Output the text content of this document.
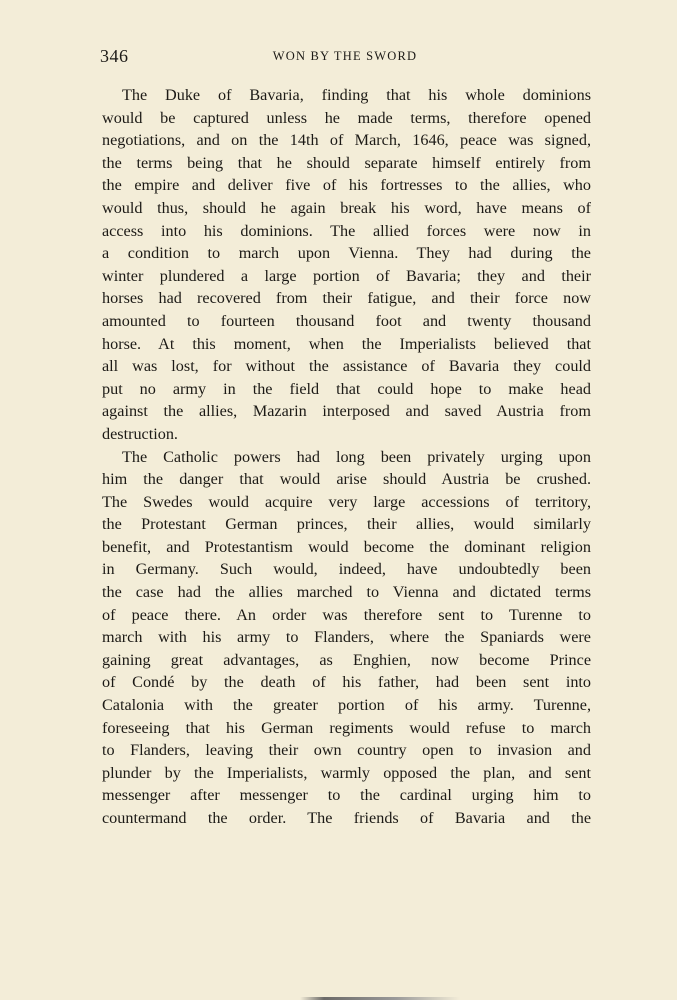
346	WON BY THE SWORD
The Duke of Bavaria, finding that his whole dominions
would be captured unless he made terms, therefore opened
negotiations, and on the 14th of March, 1646, peace was signed,
the terms being that he should separate himself entirely from
the empire and deliver five of his fortresses to the allies, who
would thus, should he again break his word, have means of
access into his dominions. The allied forces were now in
a condition to march upon Vienna. They had during the
winter plundered a large portion of Bavaria; they and their
horses had recovered from their fatigue, and their force now
amounted to fourteen thousand foot and twenty thousand
horse. At this moment, when the Imperialists believed that
all was lost, for without the assistance of Bavaria they could
put no army in the field that could hope to make head
against the allies, Mazarin interposed and saved Austria from
destruction.
The Catholic powers had long been privately urging upon
him the danger that would arise should Austria be crushed.
The Swedes would acquire very large accessions of territory,
the Protestant German princes, their allies, would similarly
benefit, and Protestantism would become the dominant religion
in Germany. Such would, indeed, have undoubtedly been
the case had the allies marched to Vienna and dictated terms
of peace there. An order was therefore sent to Turenne to
march with his army to Flanders, where the Spaniards were
gaining great advantages, as Enghien, now become Prince
of Condé by the death of his father, had been sent into
Catalonia with the greater portion of his army. Turenne,
foreseeing that his German regiments would refuse to march
to Flanders, leaving their own country open to invasion and
plunder by the Imperialists, warmly opposed the plan, and sent
messenger after messenger to the cardinal urging him to
countermand the order. The friends of Bavaria and the
